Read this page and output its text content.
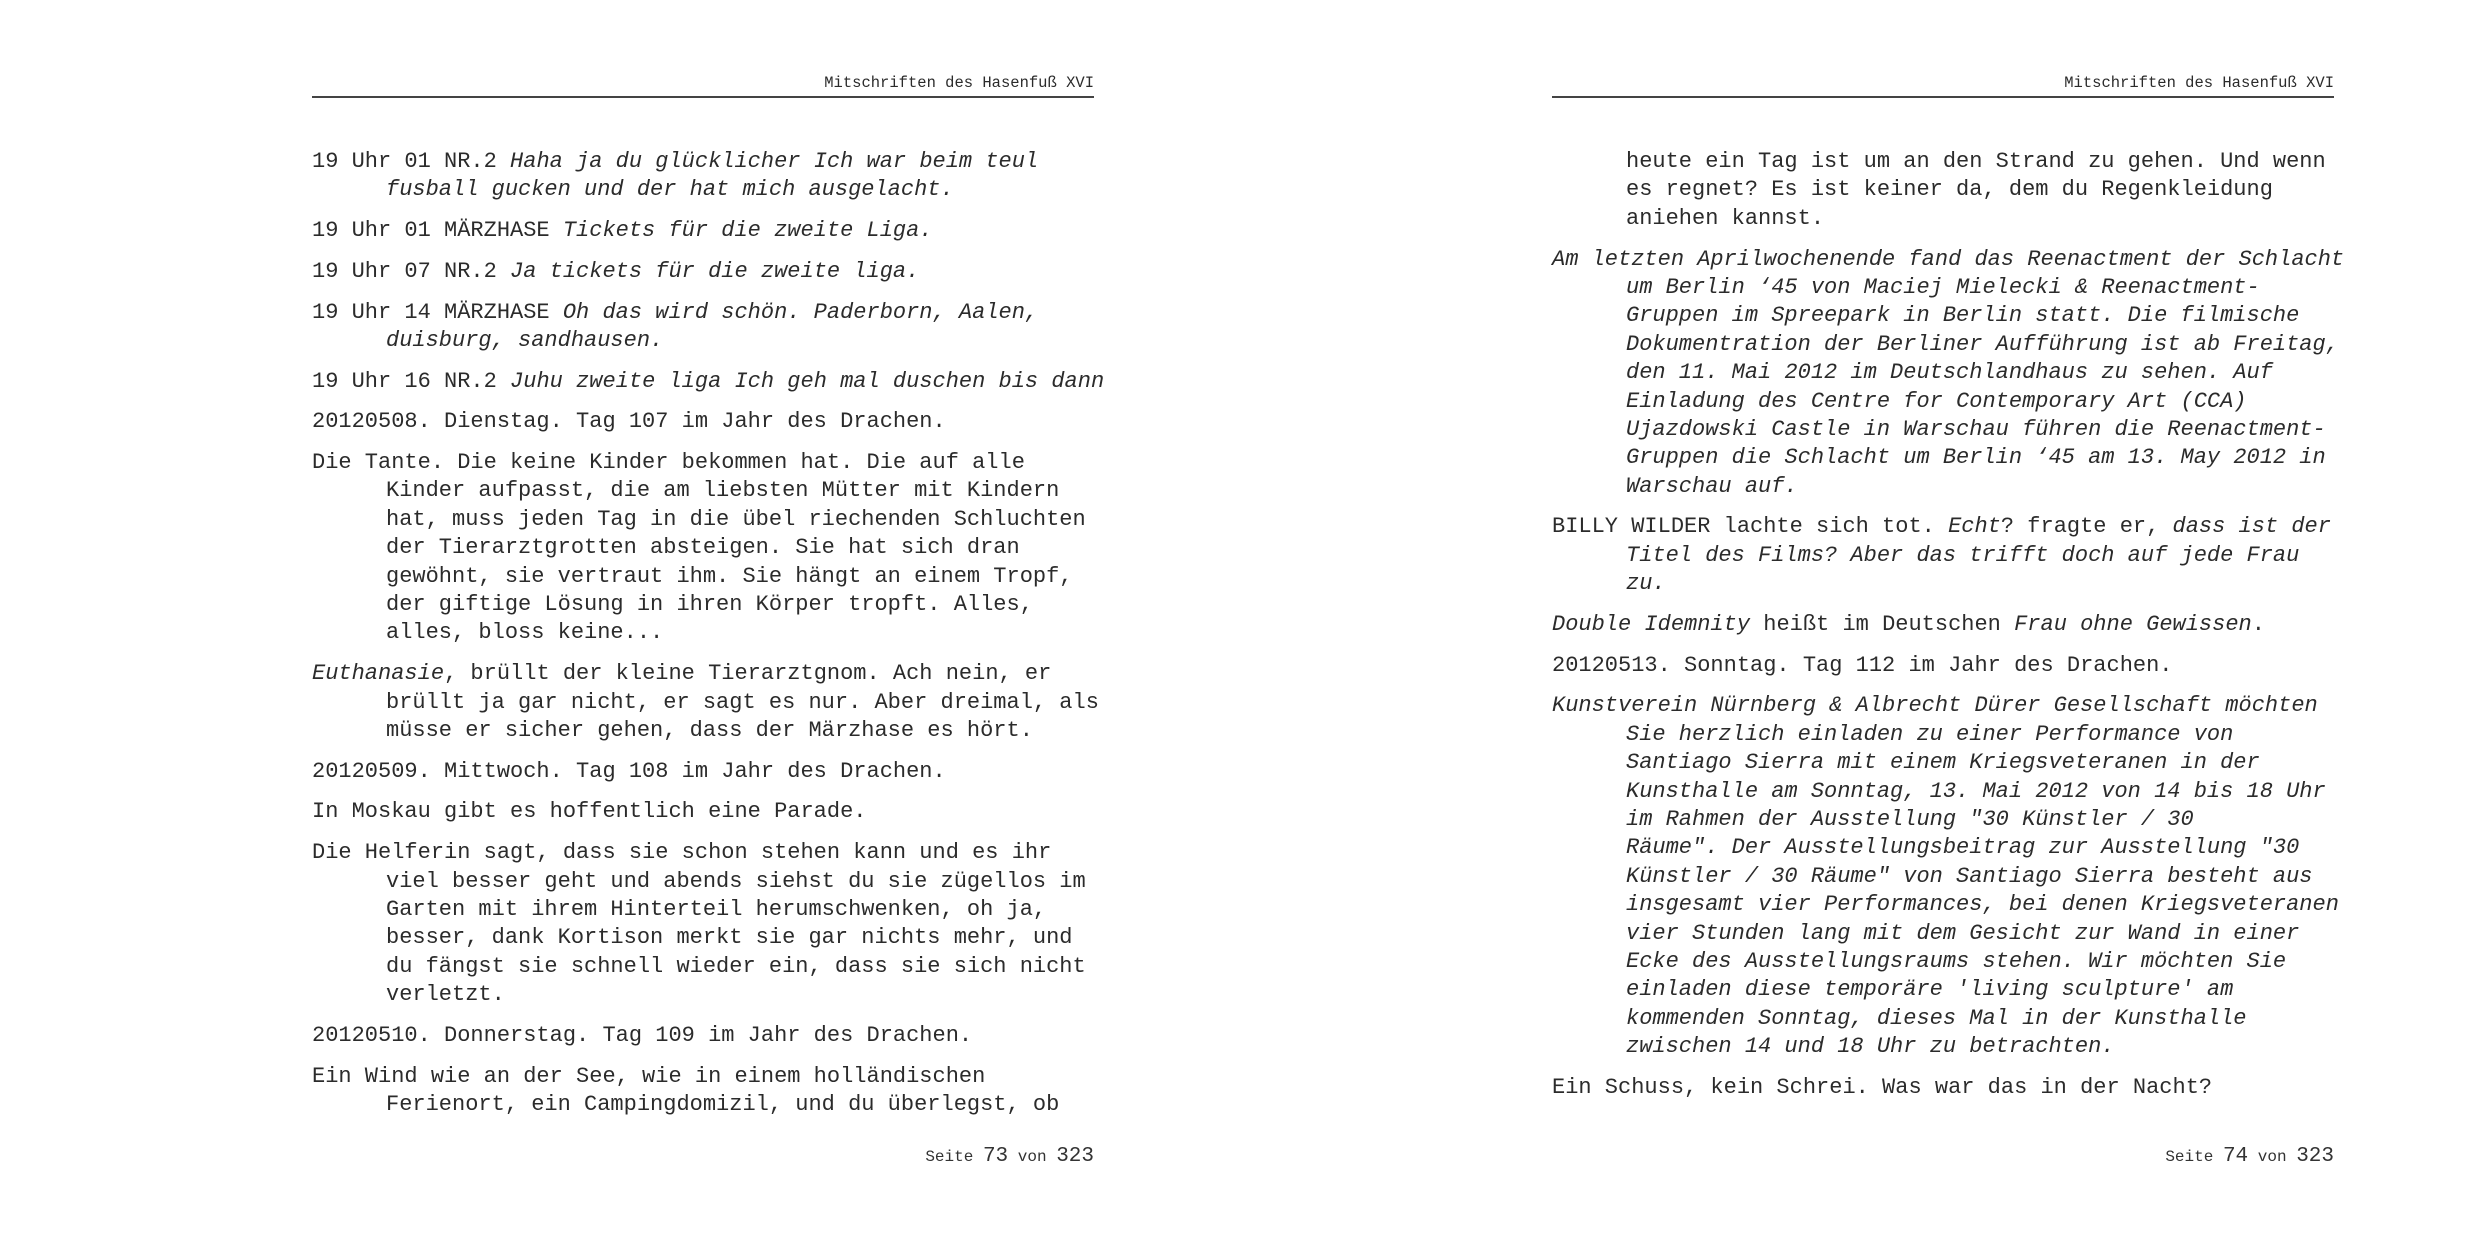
Mitschriften des Hasenfuß XVI
19 Uhr 01 NR.2 Haha ja du glücklicher Ich war beim teul
fusball gucken und der hat mich ausgelacht.
19 Uhr 01 MÄRZHASE Tickets für die zweite Liga.
19 Uhr 07 NR.2 Ja tickets für die zweite liga.
19 Uhr 14 MÄRZHASE Oh das wird schön. Paderborn, Aalen,
duisburg, sandhausen.
19 Uhr 16 NR.2 Juhu zweite liga Ich geh mal duschen bis dann
20120508. Dienstag. Tag 107 im Jahr des Drachen.
Die Tante. Die keine Kinder bekommen hat. Die auf alle
Kinder aufpasst, die am liebsten Mütter mit Kindern
hat, muss jeden Tag in die übel riechenden Schluchten
der Tierarztgrotten absteigen. Sie hat sich dran
gewöhnt, sie vertraut ihm. Sie hängt an einem Tropf,
der giftige Lösung in ihren Körper tropft. Alles,
alles, bloss keine...
Euthanasie, brüllt der kleine Tierarztgnom. Ach nein, er
brüllt ja gar nicht, er sagt es nur. Aber dreimal, als
müsse er sicher gehen, dass der Märzhase es hört.
20120509. Mittwoch. Tag 108 im Jahr des Drachen.
In Moskau gibt es hoffentlich eine Parade.
Die Helferin sagt, dass sie schon stehen kann und es ihr
viel besser geht und abends siehst du sie zügellos im
Garten mit ihrem Hinterteil herumschwenken, oh ja,
besser, dank Kortison merkt sie gar nichts mehr, und
du fängst sie schnell wieder ein, dass sie sich nicht
verletzt.
20120510. Donnerstag. Tag 109 im Jahr des Drachen.
Ein Wind wie an der See, wie in einem holländischen
Ferienort, ein Campingdomizil, und du überlegst, ob
Seite 73 von 323
Mitschriften des Hasenfuß XVI
heute ein Tag ist um an den Strand zu gehen. Und wenn
es regnet? Es ist keiner da, dem du Regenkleidung
aniehen kannst.
Am letzten Aprilwochenende fand das Reenactment der Schlacht
um Berlin ‘45 von Maciej Mielecki & Reenactment-
Gruppen im Spreepark in Berlin statt. Die filmische
Dokumentration der Berliner Aufführung ist ab Freitag,
den 11. Mai 2012 im Deutschlandhaus zu sehen. Auf
Einladung des Centre for Contemporary Art (CCA)
Ujazdowski Castle in Warschau führen die Reenactment-
Gruppen die Schlacht um Berlin ‘45 am 13. May 2012 in
Warschau auf.
BILLY WILDER lachte sich tot. Echt? fragte er, dass ist der
Titel des Films? Aber das trifft doch auf jede Frau
zu.
Double Idemnity heißt im Deutschen Frau ohne Gewissen.
20120513. Sonntag. Tag 112 im Jahr des Drachen.
Kunstverein Nürnberg & Albrecht Dürer Gesellschaft möchten
Sie herzlich einladen zu einer Performance von
Santiago Sierra mit einem Kriegsveteranen in der
Kunsthalle am Sonntag, 13. Mai 2012 von 14 bis 18 Uhr
im Rahmen der Ausstellung "30 Künstler / 30
Räume". Der Ausstellungsbeitrag zur Ausstellung "30
Künstler / 30 Räume" von Santiago Sierra besteht aus
insgesamt vier Performances, bei denen Kriegsveteranen
vier Stunden lang mit dem Gesicht zur Wand in einer
Ecke des Ausstellungsraums stehen. Wir möchten Sie
einladen diese temporäre 'living sculpture' am
kommenden Sonntag, dieses Mal in der Kunsthalle
zwischen 14 und 18 Uhr zu betrachten.
Ein Schuss, kein Schrei. Was war das in der Nacht?
Seite 74 von 323
